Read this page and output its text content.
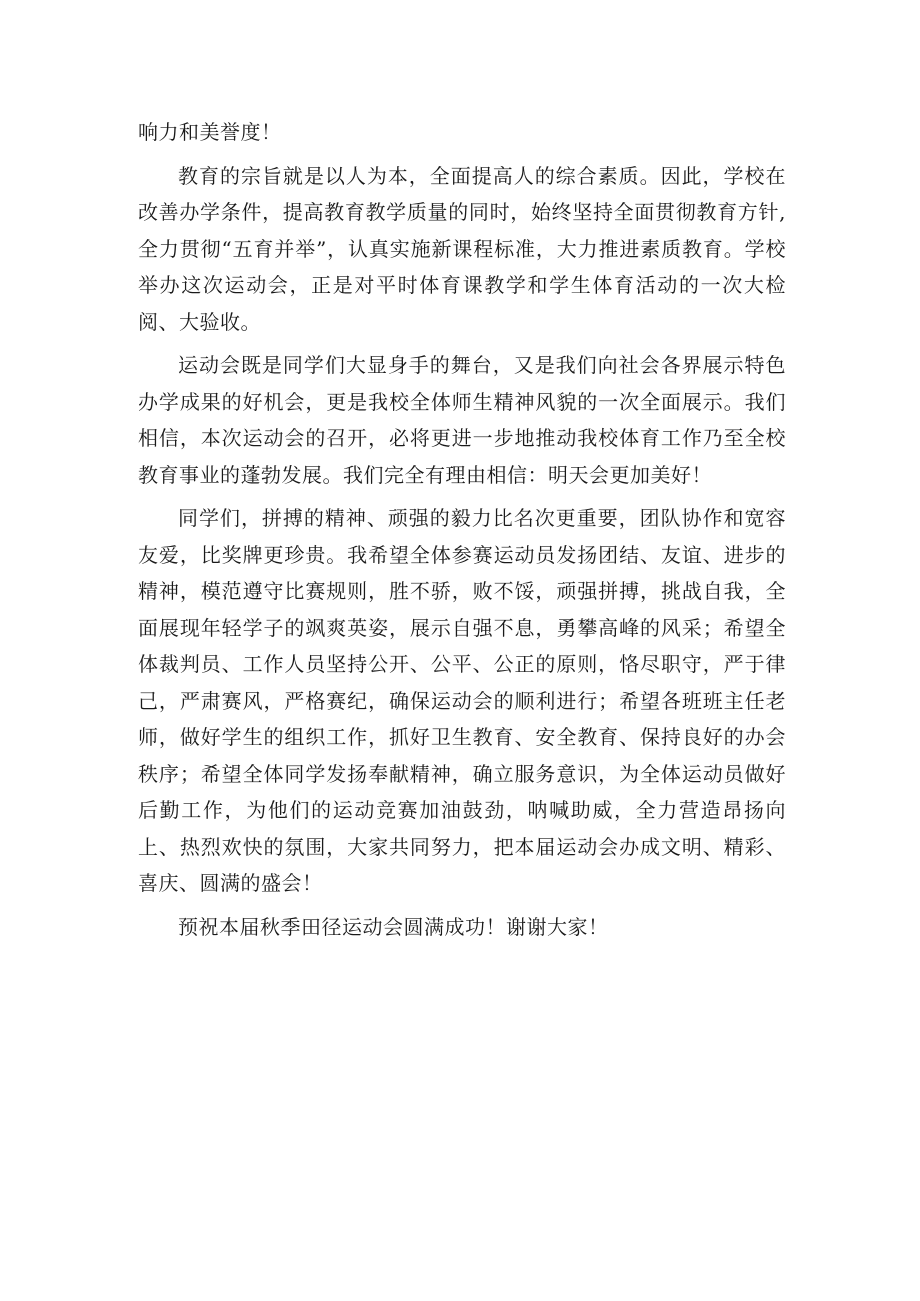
响力和美誉度！

教育的宗旨就是以人为本，全面提高人的综合素质。因此，学校在改善办学条件，提高教育教学质量的同时，始终坚持全面贯彻教育方针,全力贯彻“五育并举”，认真实施新课程标准，大力推进素质教育。学校举办这次运动会，正是对平时体育课教学和学生体育活动的一次大检阅、大验收。

运动会既是同学们大显身手的舞台，又是我们向社会各界展示特色办学成果的好机会，更是我校全体师生精神风貌的一次全面展示。我们相信，本次运动会的召开，必将更进一步地推动我校体育工作乃至全校教育事业的蓬勃发展。我们完全有理由相信：明天会更加美好！

同学们，拼搏的精神、顽强的毅力比名次更重要，团队协作和宽容友爱，比奖牌更珍贵。我希望全体参赛运动员发扬团结、友谊、进步的精神，模范遵守比赛规则，胜不骄，败不馁，顽强拼搏，挑战自我，全面展现年轻学子的飒爽英姿，展示自强不息，勇攀高峰的风采；希望全体裁判员、工作人员坚持公开、公平、公正的原则，恪尽职守，严于律己，严肃赛风，严格赛纪，确保运动会的顺利进行；希望各班班主任老师，做好学生的组织工作，抓好卫生教育、安全教育、保持良好的办会秩序；希望全体同学发扬奉献精神，确立服务意识，为全体运动员做好后勤工作，为他们的运动竞赛加油鼓劲，呐喊助威，全力营造昂扬向上、热烈欢快的氛围，大家共同努力，把本届运动会办成文明、精彩、喜庆、圆满的盛会！

预祝本届秋季田径运动会圆满成功！谢谢大家！
